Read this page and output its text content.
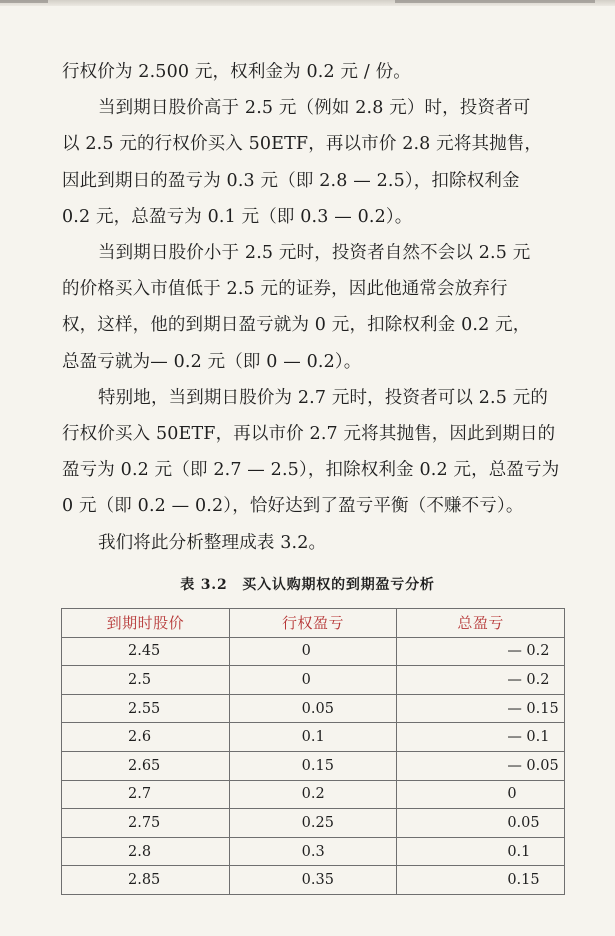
行权价为 2.500 元，权利金为 0.2 元 / 份。

当到期日股价高于 2.5 元（例如 2.8 元）时，投资者可
以 2.5 元的行权价买入 50ETF，再以市价 2.8 元将其抛售，
因此到期日的盈亏为 0.3 元（即 2.8 — 2.5），扣除权利金
0.2 元，总盈亏为 0.1 元（即 0.3 — 0.2）。

当到期日股价小于 2.5 元时，投资者自然不会以 2.5 元
的价格买入市值低于 2.5 元的证券，因此他通常会放弃行
权，这样，他的到期日盈亏就为 0 元，扣除权利金 0.2 元，
总盈亏就为— 0.2 元（即 0 — 0.2）。

特别地，当到期日股价为 2.7 元时，投资者可以 2.5 元的
行权价买入 50ETF，再以市价 2.7 元将其抛售，因此到期日的
盈亏为 0.2 元（即 2.7 — 2.5），扣除权利金 0.2 元，总盈亏为
0 元（即 0.2 — 0.2），恰好达到了盈亏平衡（不赚不亏）。

我们将此分析整理成表 3.2。

表 3.2　买入认购期权的到期盈亏分析
到期时股价	行权盈亏	总盈亏
2.45	0	— 0.2
2.5	0	— 0.2
2.55	0.05	— 0.15
2.6	0.1	— 0.1
2.65	0.15	— 0.05
2.7	0.2	0
2.75	0.25	0.05
2.8	0.3	0.1
2.85	0.35	0.15
